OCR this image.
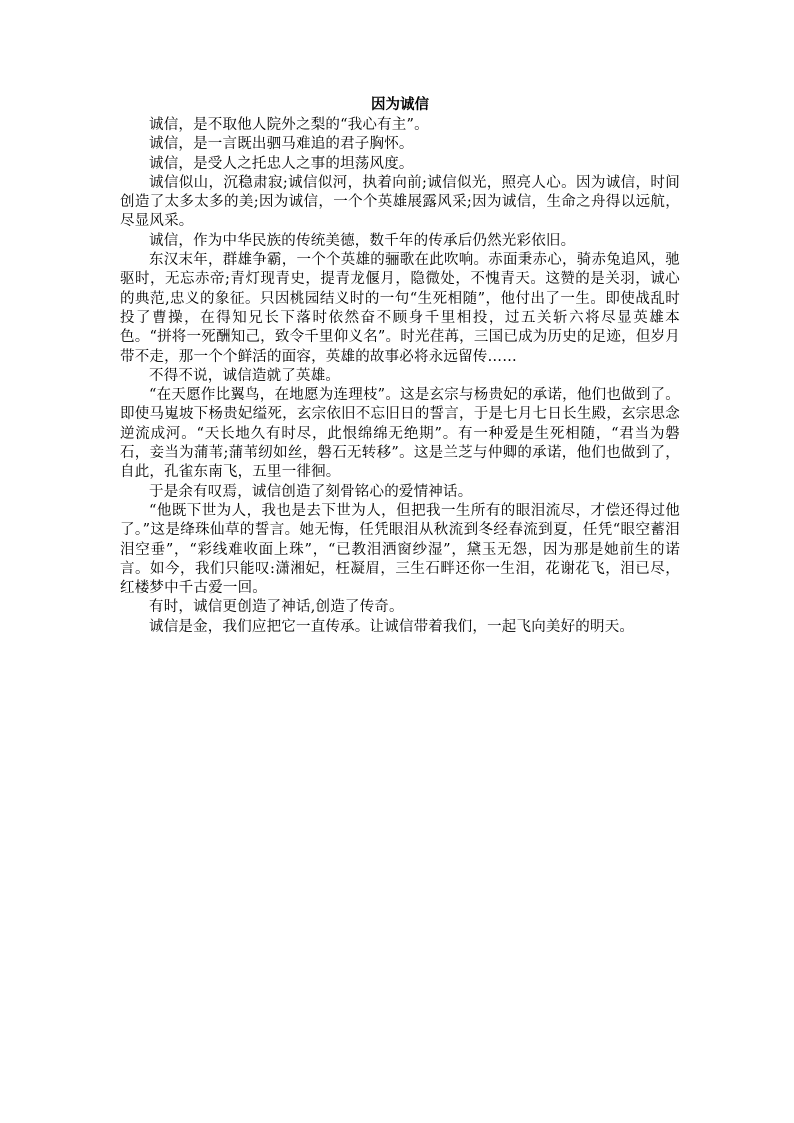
因为诚信

诚信，是不取他人院外之梨的“我心有主”。

诚信，是一言既出驷马难追的君子胸怀。

诚信，是受人之托忠人之事的坦荡风度。

诚信似山，沉稳肃寂;诚信似河，执着向前;诚信似光，照亮人心。因为诚信，时间创造了太多太多的美;因为诚信，一个个英雄展露风采;因为诚信，生命之舟得以远航，尽显风采。

诚信，作为中华民族的传统美德，数千年的传承后仍然光彩依旧。

东汉末年，群雄争霸，一个个英雄的骊歌在此吹响。赤面秉赤心，骑赤兔追风，驰驱时，无忘赤帝;青灯现青史，提青龙偃月，隐微处，不愧青天。这赞的是关羽，诚心的典范,忠义的象征。只因桃园结义时的一句“生死相随”，他付出了一生。即使战乱时投了曹操，在得知兄长下落时依然奋不顾身千里相投，过五关斩六将尽显英雄本色。“拼将一死酬知己，致令千里仰义名”。时光荏苒，三国已成为历史的足迹，但岁月带不走，那一个个鲜活的面容，英雄的故事必将永远留传……

不得不说，诚信造就了英雄。

“在天愿作比翼鸟，在地愿为连理枝”。这是玄宗与杨贵妃的承诺，他们也做到了。即使马嵬坡下杨贵妃缢死，玄宗依旧不忘旧日的誓言，于是七月七日长生殿，玄宗思念逆流成河。“天长地久有时尽，此恨绵绵无绝期”。有一种爱是生死相随，“君当为磐石，妾当为蒲苇;蒲苇纫如丝，磐石无转移”。这是兰芝与仲卿的承诺，他们也做到了，自此，孔雀东南飞，五里一徘徊。

于是余有叹焉，诚信创造了刻骨铭心的爱情神话。

“他既下世为人，我也是去下世为人，但把我一生所有的眼泪流尽，才偿还得过他了。”这是绛珠仙草的誓言。她无悔，任凭眼泪从秋流到冬经春流到夏，任凭“眼空蓄泪泪空垂”，“彩线难收面上珠”，“已教泪洒窗纱湿”，黛玉无怨，因为那是她前生的诺言。如今，我们只能叹:潇湘妃，枉凝眉，三生石畔还你一生泪，花谢花飞，泪已尽，红楼梦中千古爱一回。

有时，诚信更创造了神话,创造了传奇。

诚信是金，我们应把它一直传承。让诚信带着我们，一起飞向美好的明天。
